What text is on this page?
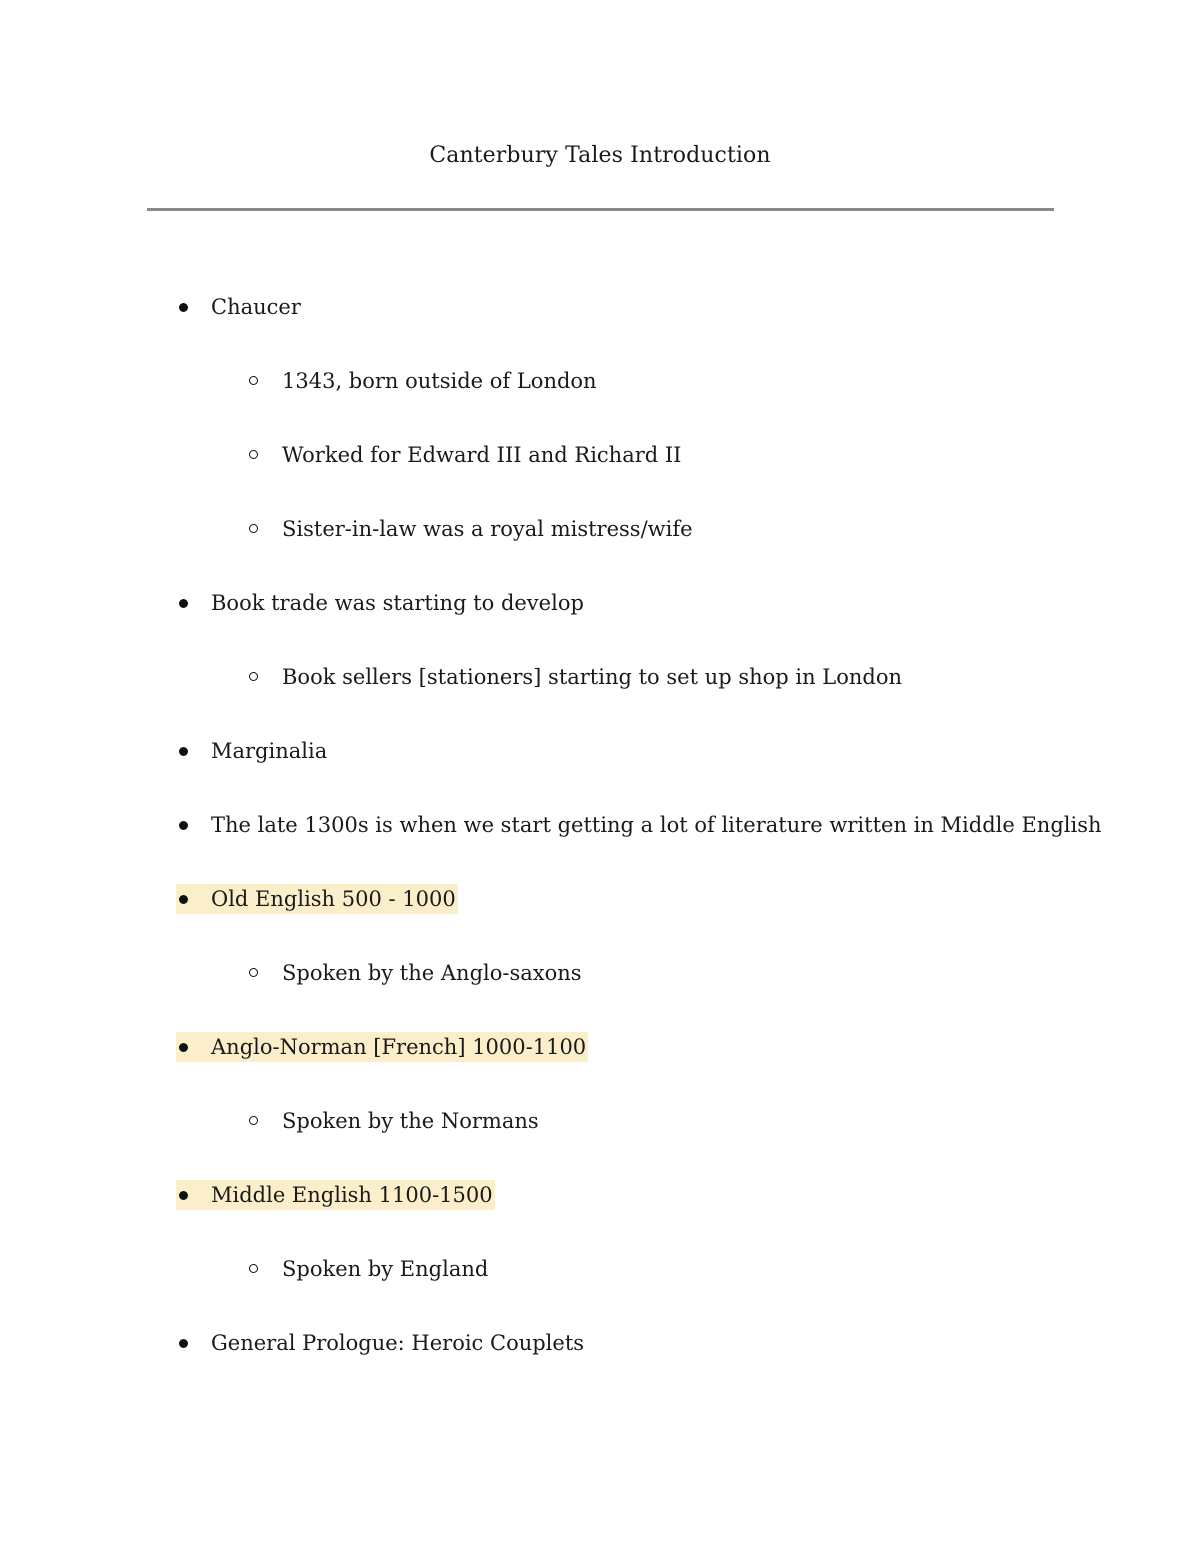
Canterbury Tales Introduction
Chaucer
1343, born outside of London
Worked for Edward III and Richard II
Sister-in-law was a royal mistress/wife
Book trade was starting to develop
Book sellers [stationers] starting to set up shop in London
Marginalia
The late 1300s is when we start getting a lot of literature written in Middle English
Old English 500 - 1000
Spoken by the Anglo-saxons
Anglo-Norman [French] 1000-1100
Spoken by the Normans
Middle English 1100-1500
Spoken by England
General Prologue: Heroic Couplets
